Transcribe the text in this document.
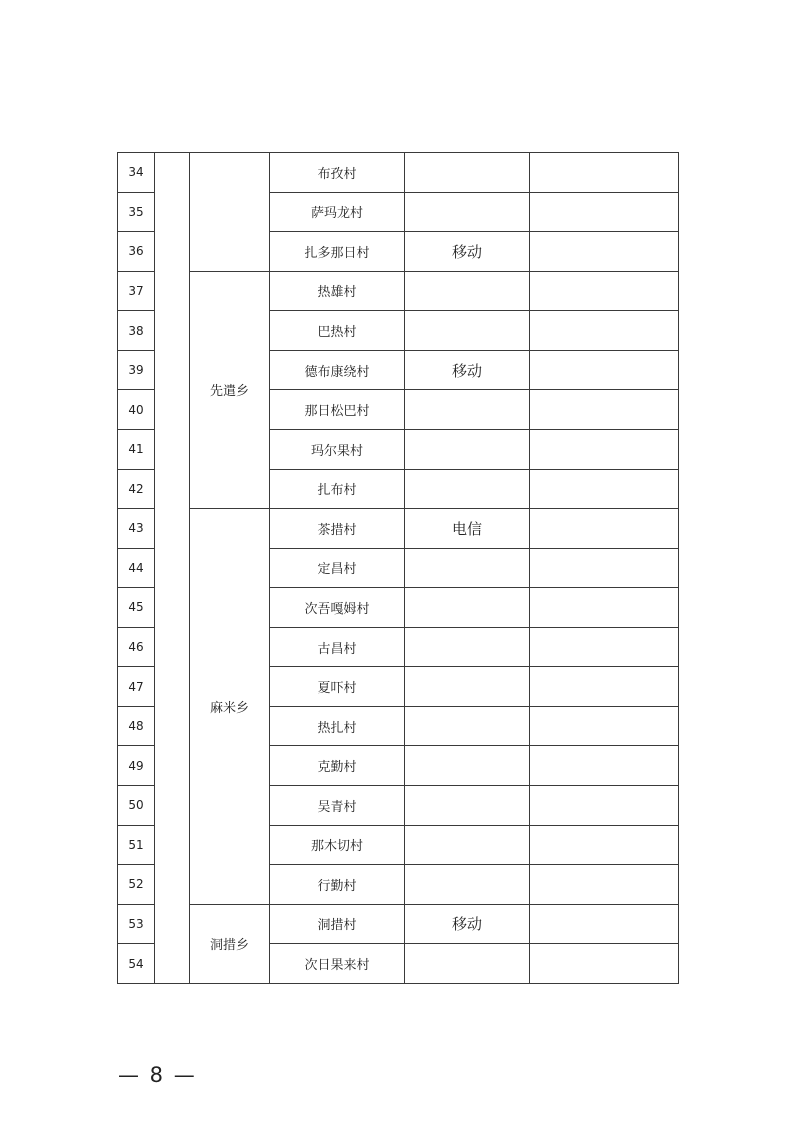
34			布孜村		
35			萨玛龙村		
36			扎多那日村	移动	
37		先遣乡	热雄村		
38			巴热村		
39			德布康绕村	移动	
40			那日松巴村		
41			玛尔果村		
42			扎布村		
43		麻米乡	茶措村	电信	
44			定昌村		
45			次吾嘎姆村		
46			古昌村		
47			夏吓村		
48			热扎村		
49			克勤村		
50			吴青村		
51			那木切村		
52			行勤村		
53		洞措乡	洞措村	移动	
54			次日果来村		
— 8 —
